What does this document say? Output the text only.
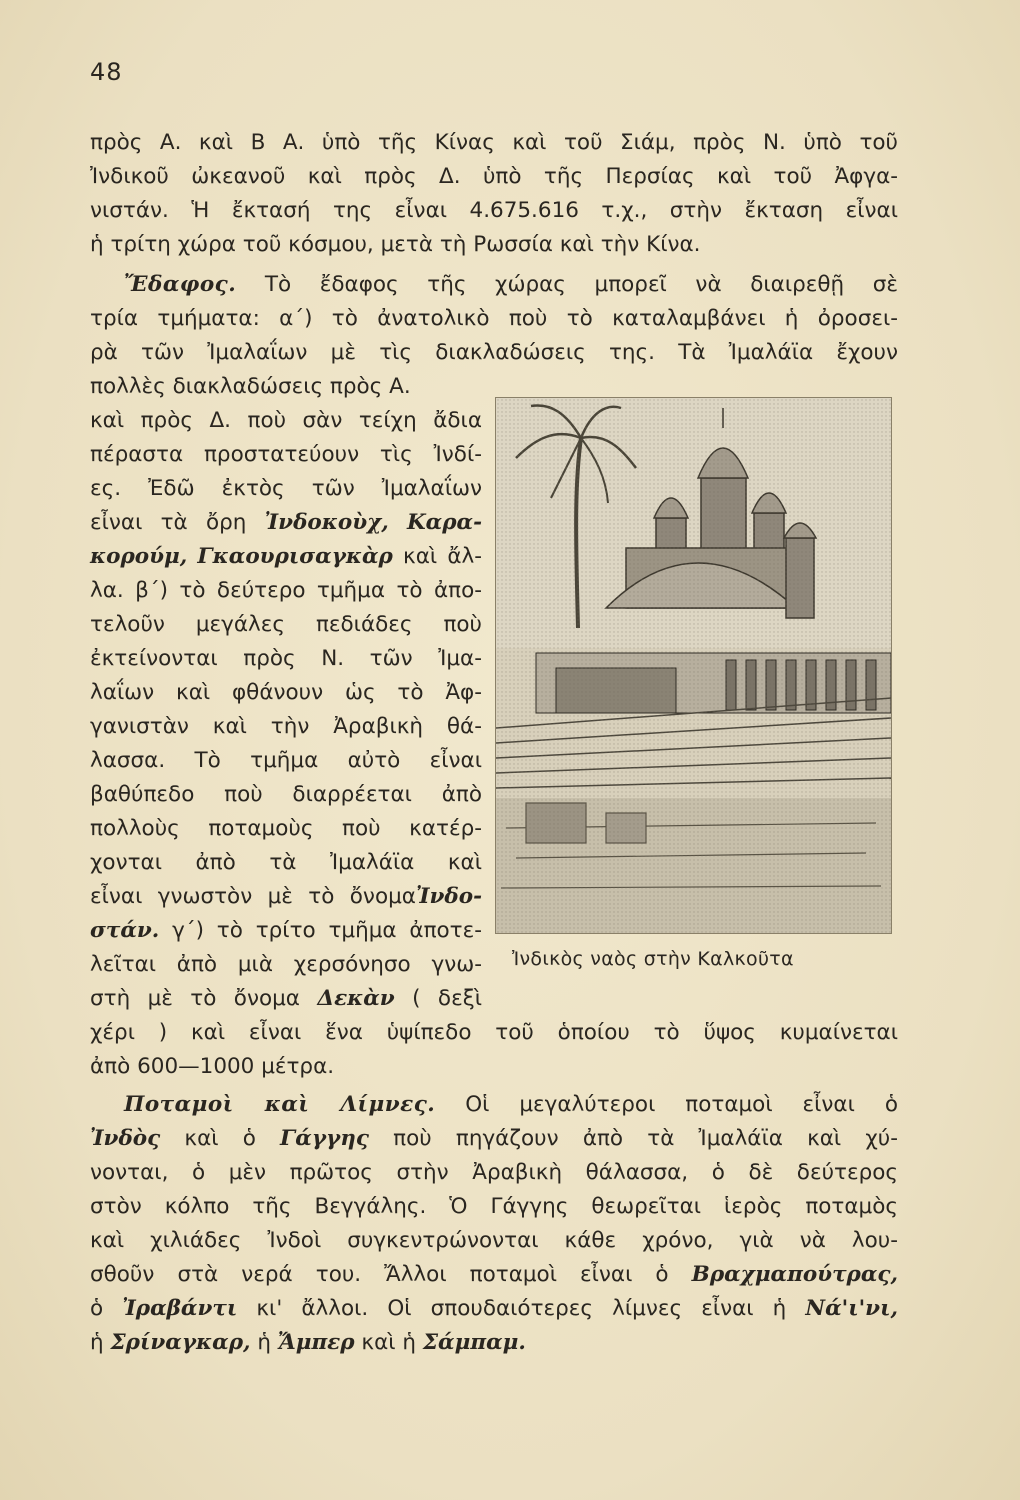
48
πρὸς Α. καὶ Β Α. ὑπὸ τῆς Κίνας καὶ τοῦ Σιάμ, πρὸς Ν. ὑπὸ τοῦ
Ἰνδικοῦ ὠκεανοῦ καὶ πρὸς Δ. ὑπὸ τῆς Περσίας καὶ τοῦ Ἀφγα-
νιστάν. Ἡ ἔκτασή της εἶναι 4.675.616 τ.χ., στὴν ἔκταση εἶναι
ἡ τρίτη χώρα τοῦ κόσμου, μετὰ τὴ Ρωσσία καὶ τὴν Κίνα.
Ἔδαφος. Τὸ ἔδαφος τῆς χώρας μπορεῖ νὰ διαιρεθῇ σὲ
τρία τμήματα: α΄) τὸ ἀνατολικὸ ποὺ τὸ καταλαμβάνει ἡ ὀροσει-
ρὰ τῶν Ἰμαλαΐων μὲ τὶς διακλαδώσεις της. Τὰ Ἰμαλάϊα ἔχουν
πολλὲς διακλαδώσεις πρὸς Α.
καὶ πρὸς Δ. ποὺ σὰν τείχη ἄδια
πέραστα προστατεύουν τὶς Ἰνδί-
ες. Ἐδῶ ἐκτὸς τῶν Ἰμαλαΐων
εἶναι τὰ ὄρη Ἰνδοκοὺχ, Καρα-
κορούμ, Γκαουρισαγκὰρ καὶ ἄλ-
λα. β΄) τὸ δεύτερο τμῆμα τὸ ἀπο-
τελοῦν μεγάλες πεδιάδες ποὺ
ἐκτείνονται πρὸς Ν. τῶν Ἰμα-
λαΐων καὶ φθάνουν ὡς τὸ Ἀφ-
γανιστὰν καὶ τὴν Ἀραβικὴ θά-
λασσα. Τὸ τμῆμα αὐτὸ εἶναι
βαθύπεδο ποὺ διαρρέεται ἀπὸ
πολλοὺς ποταμοὺς ποὺ κατέρ-
χονται ἀπὸ τὰ Ἰμαλάϊα καὶ
εἶναι γνωστὸν μὲ τὸ ὄνομαἸνδο-
στάν. γ΄) τὸ τρίτο τμῆμα ἀποτε-
λεῖται ἀπὸ μιὰ χερσόνησο γνω-
στὴ μὲ τὸ ὄνομα Δεκὰν ( δεξὶ
χέρι ) καὶ εἶναι ἕνα ὑψίπεδο τοῦ ὁποίου τὸ ὕψος κυμαίνεται
ἀπὸ 600—1000 μέτρα.
Ἰνδικὸς ναὸς στὴν Καλκοῦτα
Ποταμοὶ καὶ Λίμνες. Οἱ μεγαλύτεροι ποταμοὶ εἶναι ὁ
Ἰνδὸς καὶ ὁ Γάγγης ποὺ πηγάζουν ἀπὸ τὰ Ἰμαλάϊα καὶ χύ-
νονται, ὁ μὲν πρῶτος στὴν Ἀραβικὴ θάλασσα, ὁ δὲ δεύτερος
στὸν κόλπο τῆς Βεγγάλης. Ὁ Γάγγης θεωρεῖται ἱερὸς ποταμὸς
καὶ χιλιάδες Ἰνδοὶ συγκεντρώνονται κάθε χρόνο, γιὰ νὰ λου-
σθοῦν στὰ νερά του. Ἄλλοι ποταμοὶ εἶναι ὁ Βραχμαπούτρας,
ὁ Ἰραβάντι κι' ἄλλοι. Οἱ σπουδαιότερες λίμνες εἶναι ἡ Νά'ι'νι,
ἡ Σρίναγκαρ, ἡ Ἄμπερ καὶ ἡ Σάμπαμ.
